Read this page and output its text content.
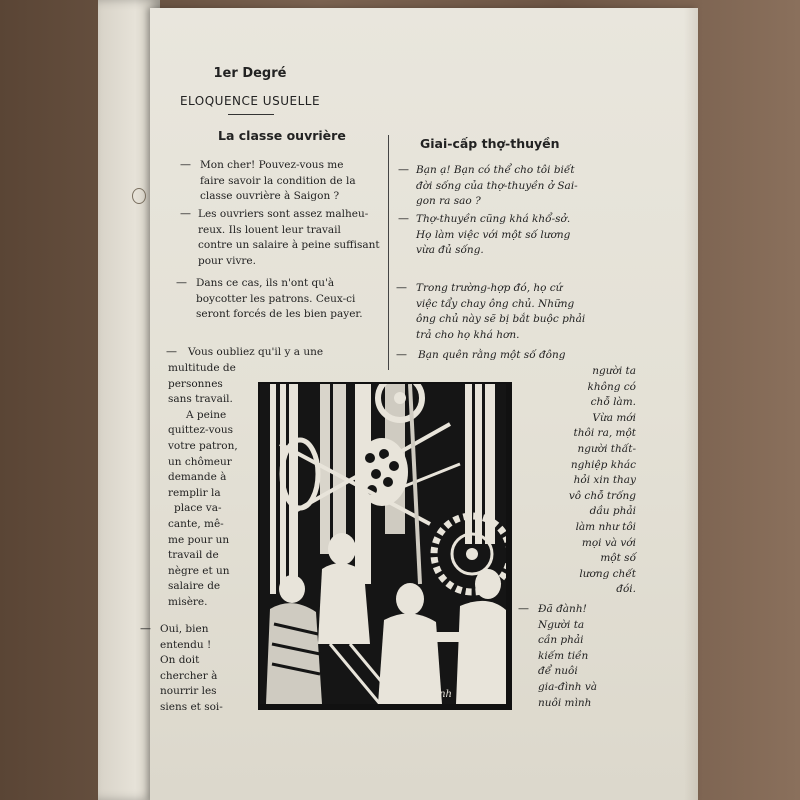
1er Degré
ELOQUENCE USUELLE
La classe ouvrière
Giai-cấp thợ-thuyền
— Mon cher! Pouvez-vous me
faire savoir la condition de la
classe ouvrière à Saigon ?
— Les ouvriers sont assez malheu-
reux. Ils louent leur travail
contre un salaire à peine suffisant
pour vivre.
— Dans ce cas, ils n'ont qu'à
boycotter les patrons. Ceux-ci
seront forcés de les bien payer.
— Vous oubliez qu'il y a une
multitude de
personnes
sans travail.
A peine
quittez-vous
votre patron,
un chômeur
demande à
remplir la
place va-
cante, mê-
me pour un
travail de
nègre et un
salaire de
misère.
— Oui, bien
entendu !
On doit
chercher à
nourrir les
siens et soi-
— Bạn ạ! Bạn có thể cho tôi biết
đời sống của thợ-thuyền ở Sai-
gon ra sao ?
— Thợ-thuyền cũng khá khổ-sở.
Họ làm việc với một số lương
vừa đủ sống.
— Trong trường-hợp đó, họ cứ
việc tẩy chay ông chủ. Những
ông chủ này sẽ bị bắt buộc phải
trả cho họ khá hơn.
— Bạn quên rằng một số đông
người ta
không có
chỗ làm.
Vừa mới
thôi ra, một
người thất-
nghiệp khác
hỏi xin thay
vô chỗ trống
dầu phải
làm như tôi
mọi và với
một số
lương chết
đói.
— Đã đành!
Người ta
cần phải
kiếm tiền
để nuôi
gia-đình và
nuôi mình
Anh
